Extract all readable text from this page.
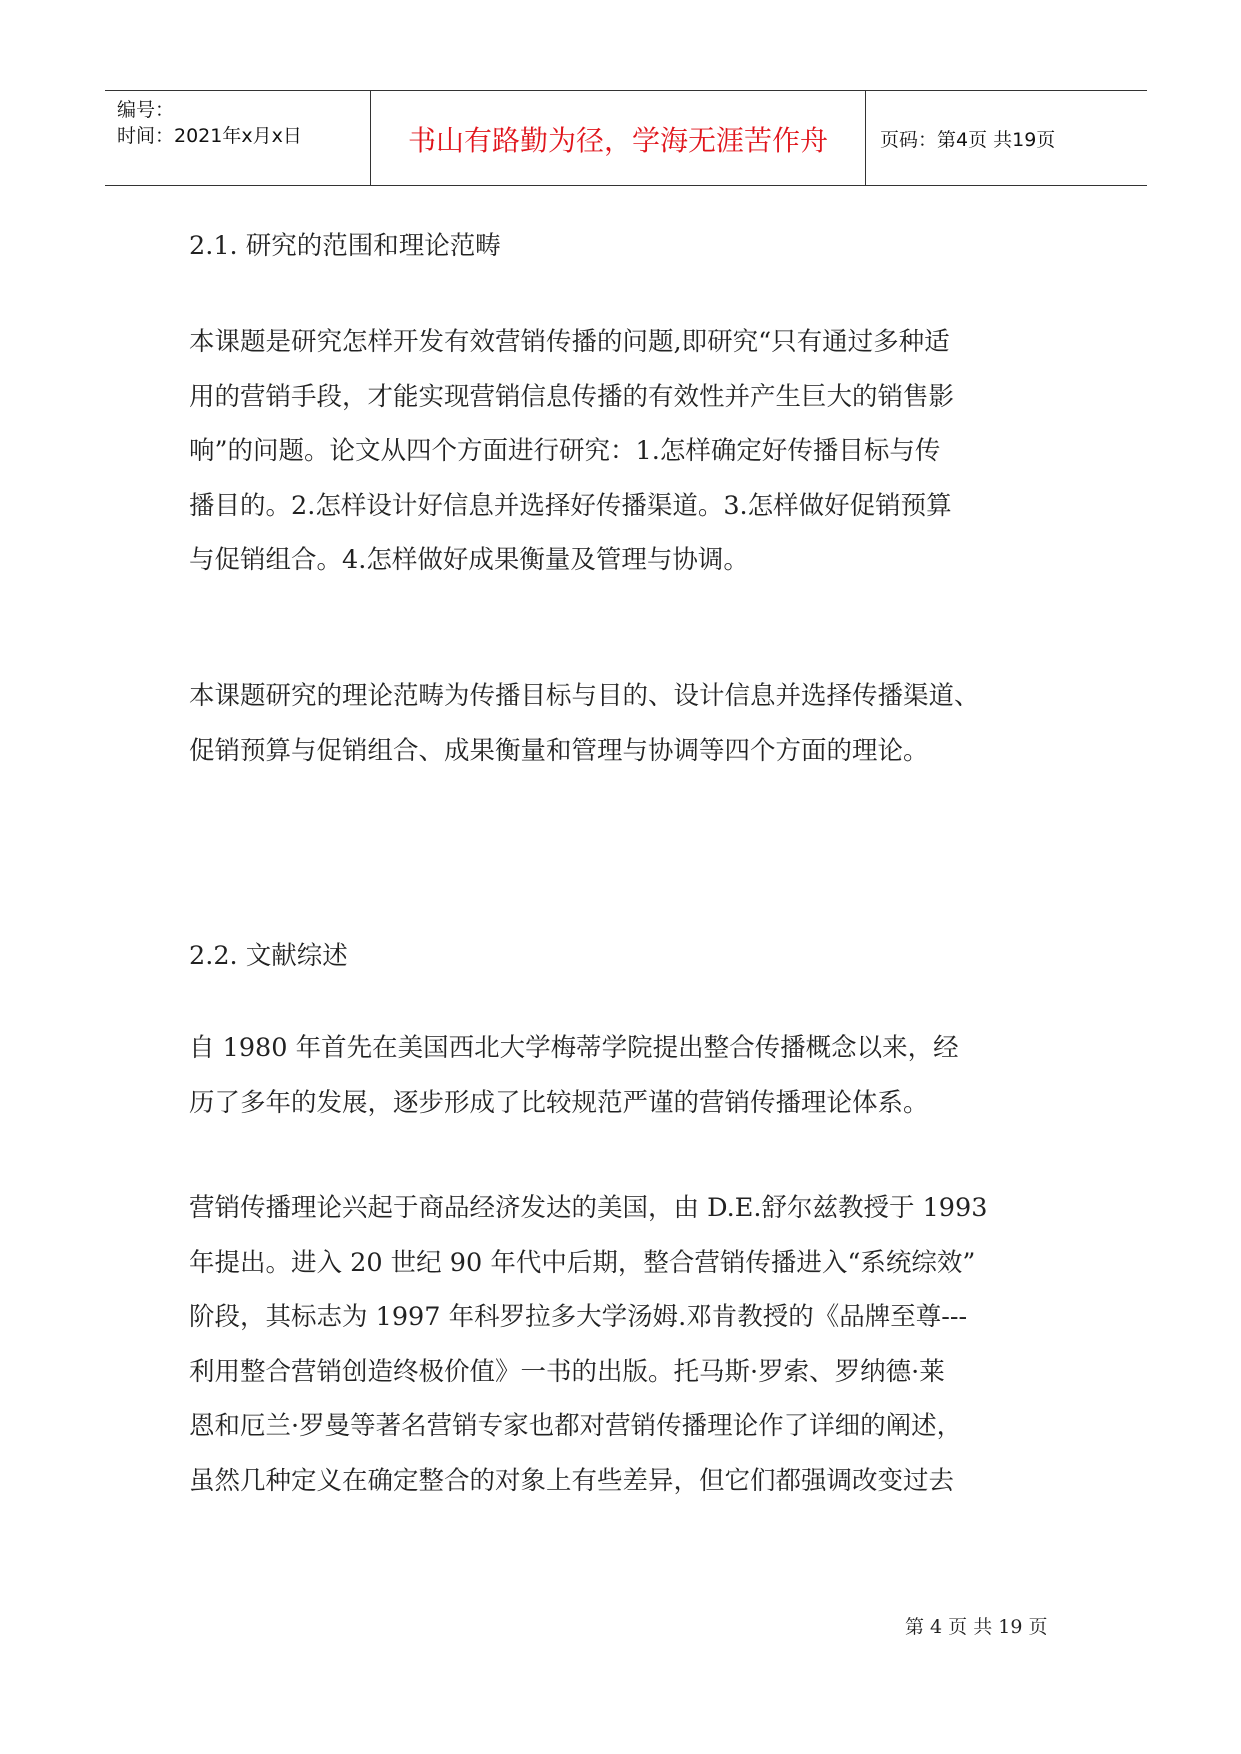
编号：
时间：2021年x月x日	书山有路勤为径，学海无涯苦作舟	页码：第4页 共19页
2.1. 研究的范围和理论范畴
本课题是研究怎样开发有效营销传播的问题,即研究“只有通过多种适
用的营销手段，才能实现营销信息传播的有效性并产生巨大的销售影
响”的问题。论文从四个方面进行研究：1.怎样确定好传播目标与传
播目的。2.怎样设计好信息并选择好传播渠道。3.怎样做好促销预算
与促销组合。4.怎样做好成果衡量及管理与协调。
本课题研究的理论范畴为传播目标与目的、设计信息并选择传播渠道、
促销预算与促销组合、成果衡量和管理与协调等四个方面的理论。
2.2. 文献综述
自 1980 年首先在美国西北大学梅蒂学院提出整合传播概念以来，经
历了多年的发展，逐步形成了比较规范严谨的营销传播理论体系。
营销传播理论兴起于商品经济发达的美国，由 D.E.舒尔兹教授于 1993
年提出。进入 20 世纪 90 年代中后期，整合营销传播进入“系统综效”
阶段，其标志为 1997 年科罗拉多大学汤姆.邓肯教授的《品牌至尊---
利用整合营销创造终极价值》一书的出版。托马斯·罗索、罗纳德·莱
恩和厄兰·罗曼等著名营销专家也都对营销传播理论作了详细的阐述，
虽然几种定义在确定整合的对象上有些差异，但它们都强调改变过去
第 4 页 共 19 页
